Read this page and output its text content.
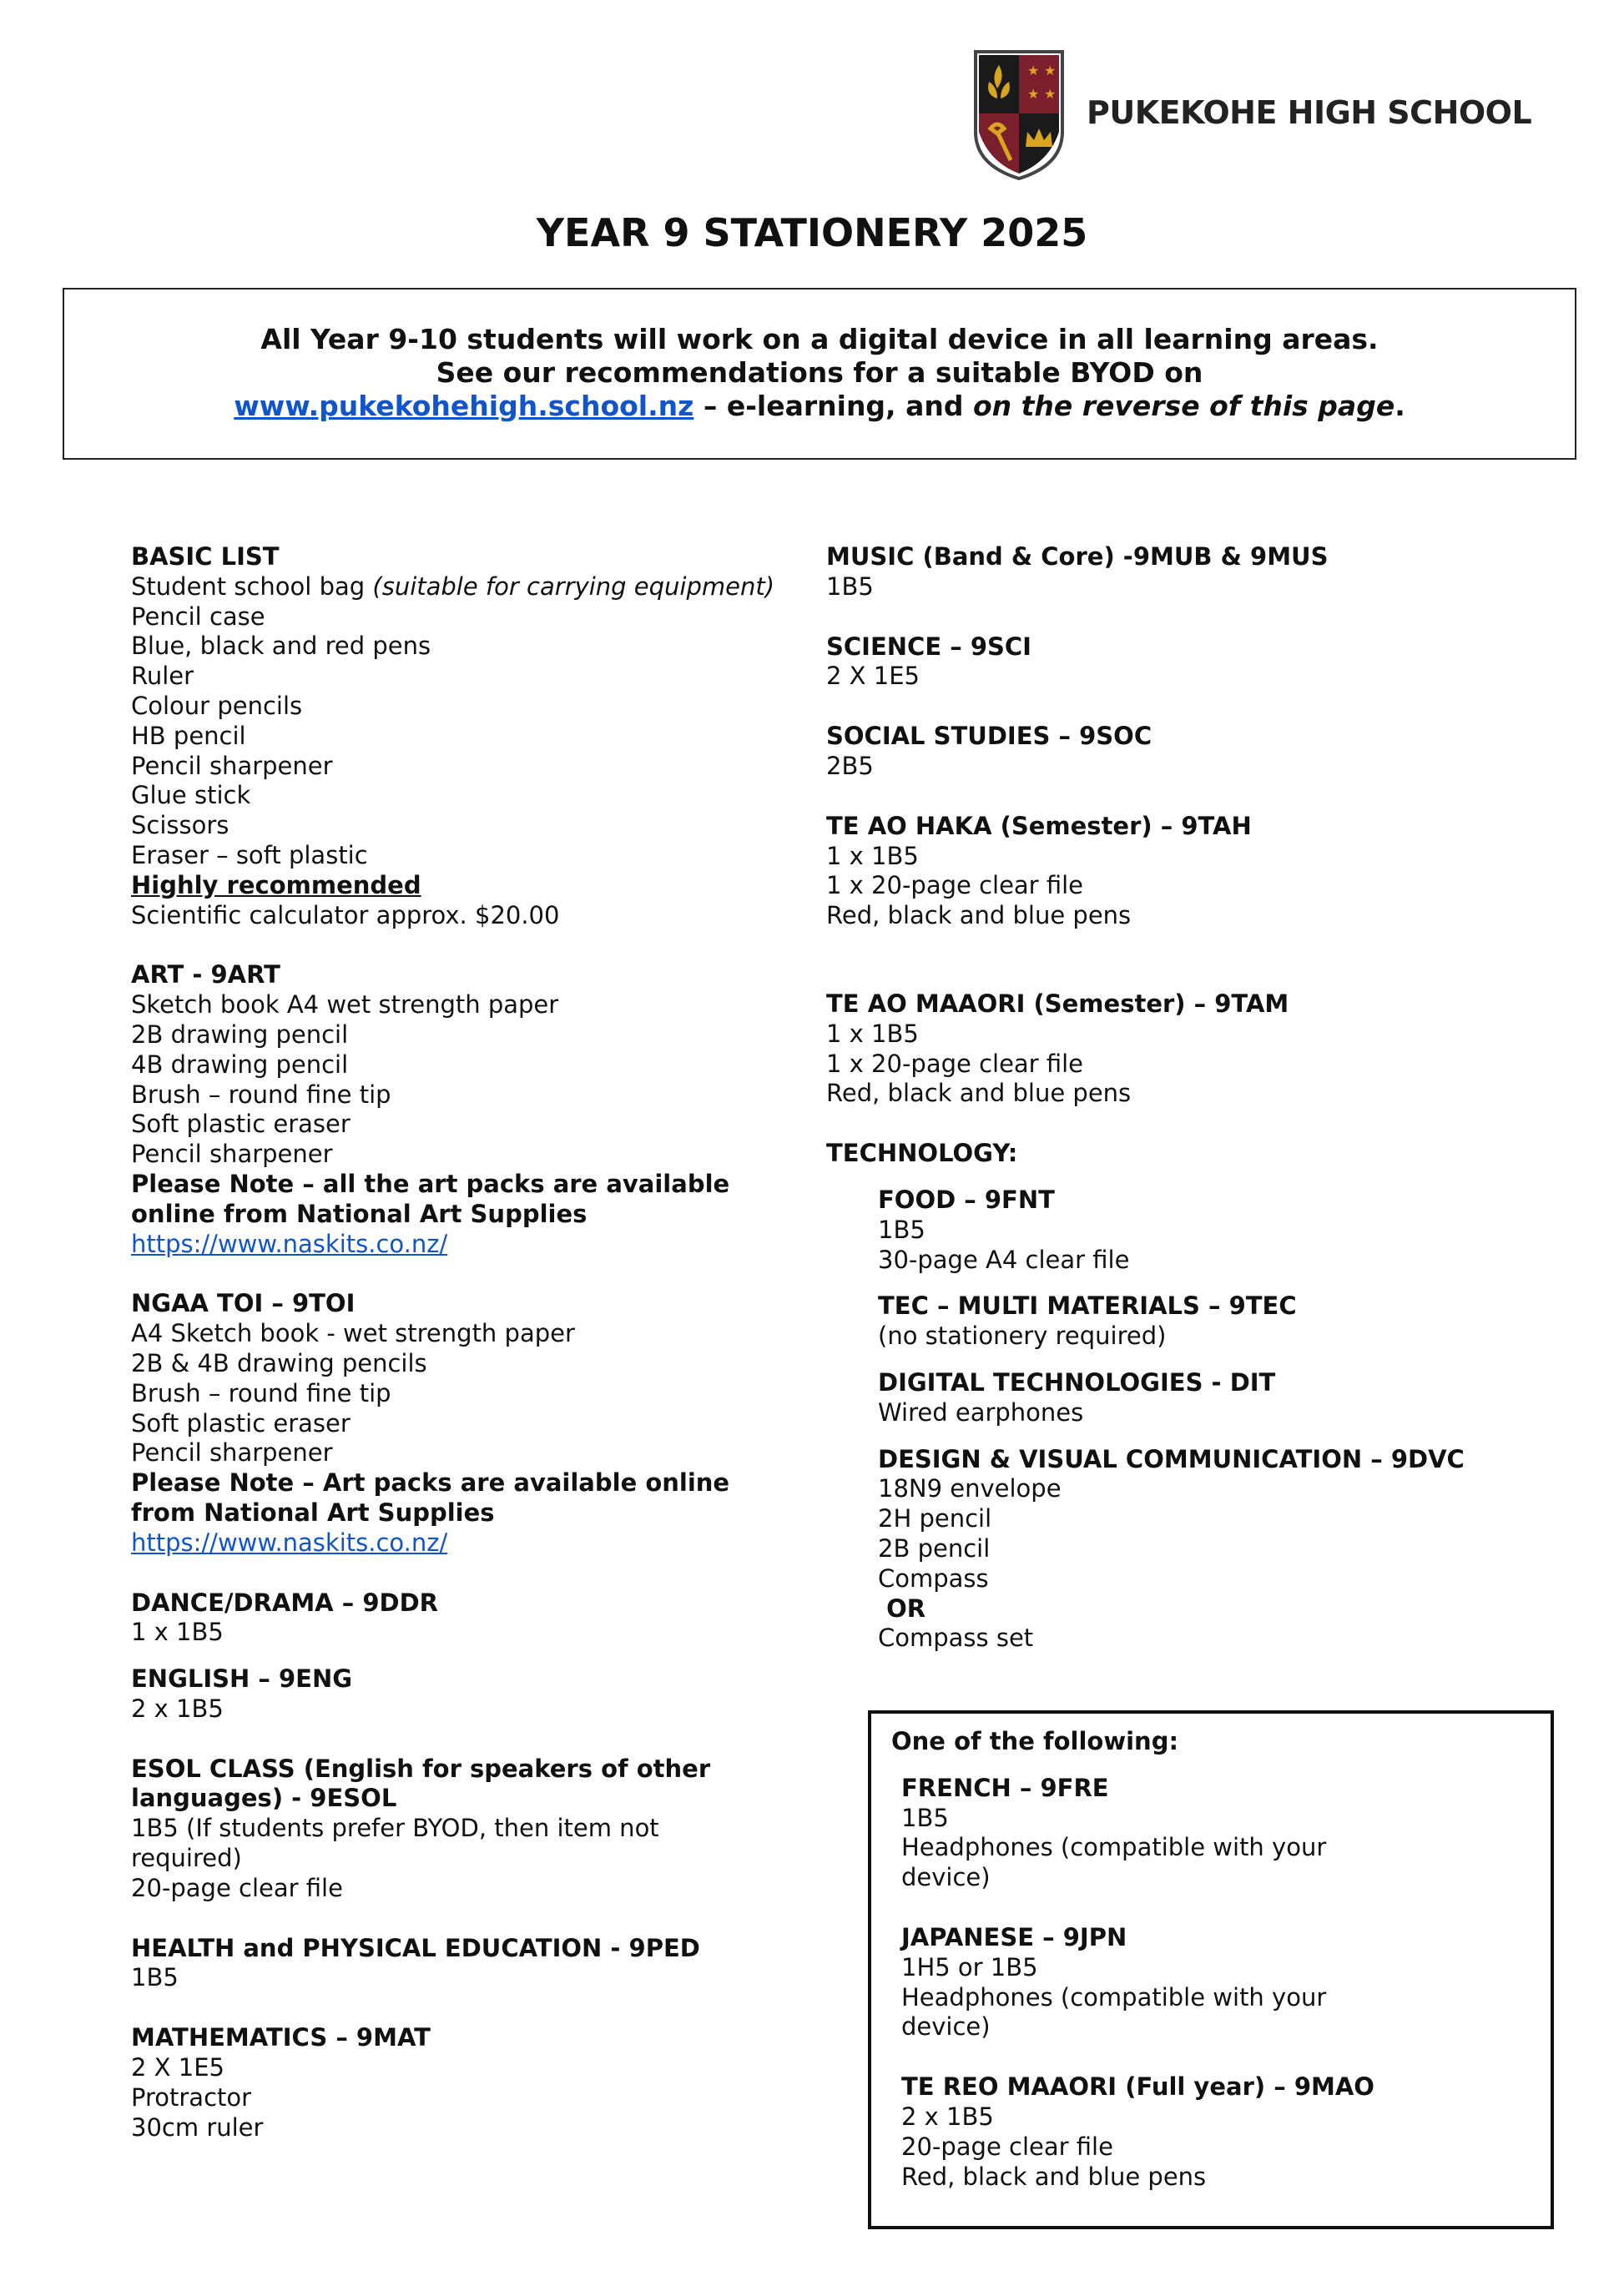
★ ★
★ ★
PUKEKOHE HIGH SCHOOL
YEAR 9 STATIONERY 2025
All Year 9-10 students will work on a digital device in all learning areas.
See our recommendations for a suitable BYOD on
www.pukekohehigh.school.nz – e-learning, and on the reverse of this page.
BASIC LIST
Student school bag (suitable for carrying equipment)
Pencil case
Blue, black and red pens
Ruler
Colour pencils
HB pencil
Pencil sharpener
Glue stick
Scissors
Eraser – soft plastic
Highly recommended
Scientific calculator approx. $20.00
ART - 9ART
Sketch book A4 wet strength paper
2B drawing pencil
4B drawing pencil
Brush – round fine tip
Soft plastic eraser
Pencil sharpener
Please Note – all the art packs are available
online from National Art Supplies
https://www.naskits.co.nz/
NGAA TOI – 9TOI
A4 Sketch book - wet strength paper
2B & 4B drawing pencils
Brush – round fine tip
Soft plastic eraser
Pencil sharpener
Please Note – Art packs are available online
from National Art Supplies
https://www.naskits.co.nz/
DANCE/DRAMA – 9DDR
1 x 1B5
ENGLISH – 9ENG
2 x 1B5
ESOL CLASS (English for speakers of other
languages) - 9ESOL
1B5 (If students prefer BYOD, then item not
required)
20-page clear file
HEALTH and PHYSICAL EDUCATION - 9PED
1B5
MATHEMATICS – 9MAT
2 X 1E5
Protractor
30cm ruler
MUSIC (Band & Core) -9MUB & 9MUS
1B5
SCIENCE – 9SCI
2 X 1E5
SOCIAL STUDIES – 9SOC
2B5
TE AO HAKA (Semester) – 9TAH
1 x 1B5
1 x 20-page clear file
Red, black and blue pens
TE AO MAAORI (Semester) – 9TAM
1 x 1B5
1 x 20-page clear file
Red, black and blue pens
TECHNOLOGY:
FOOD – 9FNT
1B5
30-page A4 clear file
TEC – MULTI MATERIALS – 9TEC
(no stationery required)
DIGITAL TECHNOLOGIES - DIT
Wired earphones
DESIGN & VISUAL COMMUNICATION – 9DVC
18N9 envelope
2H pencil
2B pencil
Compass
OR
Compass set
One of the following:
FRENCH – 9FRE
1B5
Headphones (compatible with your
device)
JAPANESE – 9JPN
1H5 or 1B5
Headphones (compatible with your
device)
TE REO MAAORI (Full year) – 9MAO
2 x 1B5
20-page clear file
Red, black and blue pens
